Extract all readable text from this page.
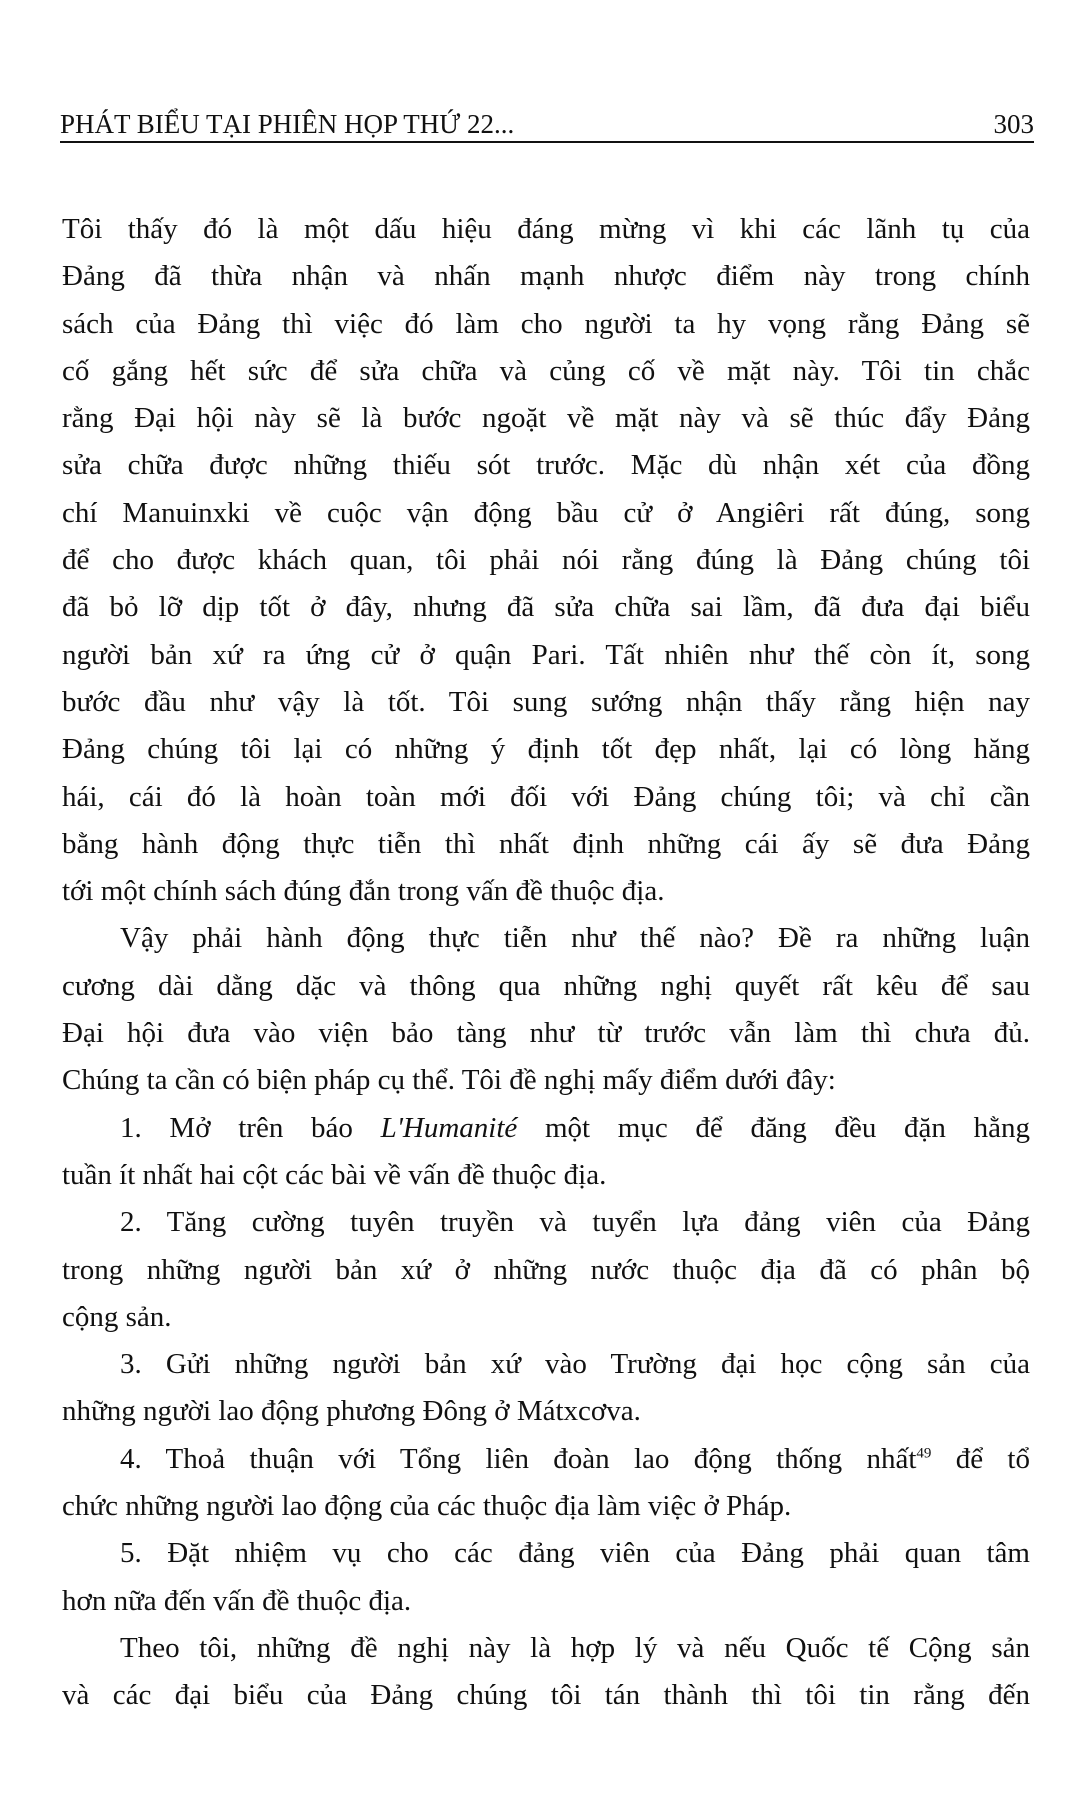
PHÁT BIỂU TẠI PHIÊN HỌP THỨ 22...	303
Tôi thấy đó là một dấu hiệu đáng mừng vì khi các lãnh tụ của
Đảng đã thừa nhận và nhấn mạnh nhược điểm này trong chính
sách của Đảng thì việc đó làm cho người ta hy vọng rằng Đảng sẽ
cố gắng hết sức để sửa chữa và củng cố về mặt này. Tôi tin chắc
rằng Đại hội này sẽ là bước ngoặt về mặt này và sẽ thúc đẩy Đảng
sửa chữa được những thiếu sót trước. Mặc dù nhận xét của đồng
chí Manuinxki về cuộc vận động bầu cử ở Angiêri rất đúng, song
để cho được khách quan, tôi phải nói rằng đúng là Đảng chúng tôi
đã bỏ lỡ dịp tốt ở đây, nhưng đã sửa chữa sai lầm, đã đưa đại biểu
người bản xứ ra ứng cử ở quận Pari. Tất nhiên như thế còn ít, song
bước đầu như vậy là tốt. Tôi sung sướng nhận thấy rằng hiện nay
Đảng chúng tôi lại có những ý định tốt đẹp nhất, lại có lòng hăng
hái, cái đó là hoàn toàn mới đối với Đảng chúng tôi; và chỉ cần
bằng hành động thực tiễn thì nhất định những cái ấy sẽ đưa Đảng
tới một chính sách đúng đắn trong vấn đề thuộc địa.
Vậy phải hành động thực tiễn như thế nào? Đề ra những luận
cương dài dằng dặc và thông qua những nghị quyết rất kêu để sau
Đại hội đưa vào viện bảo tàng như từ trước vẫn làm thì chưa đủ.
Chúng ta cần có biện pháp cụ thể. Tôi đề nghị mấy điểm dưới đây:
1. Mở trên báo L'Humanité một mục để đăng đều đặn hằng
tuần ít nhất hai cột các bài về vấn đề thuộc địa.
2. Tăng cường tuyên truyền và tuyển lựa đảng viên của Đảng
trong những người bản xứ ở những nước thuộc địa đã có phân bộ
cộng sản.
3. Gửi những người bản xứ vào Trường đại học cộng sản của
những người lao động phương Đông ở Mátxcơva.
4. Thoả thuận với Tổng liên đoàn lao động thống nhất$^{49}$ để tổ
chức những người lao động của các thuộc địa làm việc ở Pháp.
5. Đặt nhiệm vụ cho các đảng viên của Đảng phải quan tâm
hơn nữa đến vấn đề thuộc địa.
Theo tôi, những đề nghị này là hợp lý và nếu Quốc tế Cộng sản
và các đại biểu của Đảng chúng tôi tán thành thì tôi tin rằng đến
